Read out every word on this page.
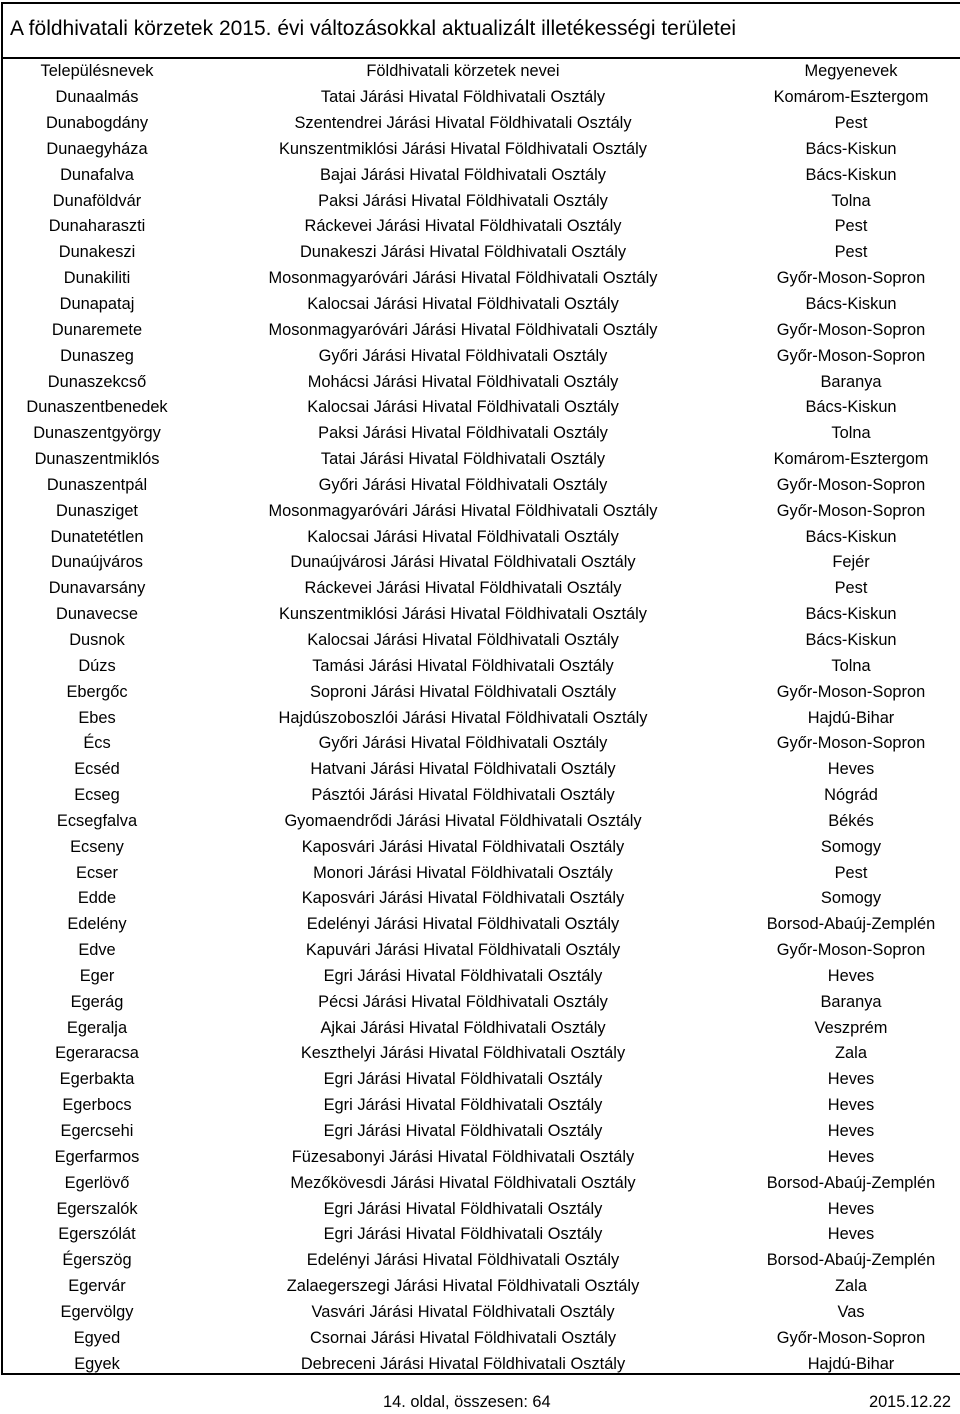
A földhivatali körzetek 2015. évi változásokkal aktualizált illetékességi területei
Településnevek	Földhivatali körzetek nevei	Megyenevek
Dunaalmás	Tatai Járási Hivatal Földhivatali Osztály	Komárom-Esztergom
Dunabogdány	Szentendrei Járási Hivatal Földhivatali Osztály	Pest
Dunaegyháza	Kunszentmiklósi Járási Hivatal Földhivatali Osztály	Bács-Kiskun
Dunafalva	Bajai Járási Hivatal Földhivatali Osztály	Bács-Kiskun
Dunaföldvár	Paksi Járási Hivatal Földhivatali Osztály	Tolna
Dunaharaszti	Ráckevei Járási Hivatal Földhivatali Osztály	Pest
Dunakeszi	Dunakeszi Járási Hivatal Földhivatali Osztály	Pest
Dunakiliti	Mosonmagyaróvári Járási Hivatal Földhivatali Osztály	Győr-Moson-Sopron
Dunapataj	Kalocsai Járási Hivatal Földhivatali Osztály	Bács-Kiskun
Dunaremete	Mosonmagyaróvári Járási Hivatal Földhivatali Osztály	Győr-Moson-Sopron
Dunaszeg	Győri Járási Hivatal Földhivatali Osztály	Győr-Moson-Sopron
Dunaszekcső	Mohácsi Járási Hivatal Földhivatali Osztály	Baranya
Dunaszentbenedek	Kalocsai Járási Hivatal Földhivatali Osztály	Bács-Kiskun
Dunaszentgyörgy	Paksi Járási Hivatal Földhivatali Osztály	Tolna
Dunaszentmiklós	Tatai Járási Hivatal Földhivatali Osztály	Komárom-Esztergom
Dunaszentpál	Győri Járási Hivatal Földhivatali Osztály	Győr-Moson-Sopron
Dunasziget	Mosonmagyaróvári Járási Hivatal Földhivatali Osztály	Győr-Moson-Sopron
Dunatetétlen	Kalocsai Járási Hivatal Földhivatali Osztály	Bács-Kiskun
Dunaújváros	Dunaújvárosi Járási Hivatal Földhivatali Osztály	Fejér
Dunavarsány	Ráckevei Járási Hivatal Földhivatali Osztály	Pest
Dunavecse	Kunszentmiklósi Járási Hivatal Földhivatali Osztály	Bács-Kiskun
Dusnok	Kalocsai Járási Hivatal Földhivatali Osztály	Bács-Kiskun
Dúzs	Tamási Járási Hivatal Földhivatali Osztály	Tolna
Ebergőc	Soproni Járási Hivatal Földhivatali Osztály	Győr-Moson-Sopron
Ebes	Hajdúszoboszlói Járási Hivatal Földhivatali Osztály	Hajdú-Bihar
Écs	Győri Járási Hivatal Földhivatali Osztály	Győr-Moson-Sopron
Ecséd	Hatvani Járási Hivatal Földhivatali Osztály	Heves
Ecseg	Pásztói Járási Hivatal Földhivatali Osztály	Nógrád
Ecsegfalva	Gyomaendrődi Járási Hivatal Földhivatali Osztály	Békés
Ecseny	Kaposvári Járási Hivatal Földhivatali Osztály	Somogy
Ecser	Monori Járási Hivatal Földhivatali Osztály	Pest
Edde	Kaposvári Járási Hivatal Földhivatali Osztály	Somogy
Edelény	Edelényi Járási Hivatal Földhivatali Osztály	Borsod-Abaúj-Zemplén
Edve	Kapuvári Járási Hivatal Földhivatali Osztály	Győr-Moson-Sopron
Eger	Egri Járási Hivatal Földhivatali Osztály	Heves
Egerág	Pécsi Járási Hivatal Földhivatali Osztály	Baranya
Egeralja	Ajkai Járási Hivatal Földhivatali Osztály	Veszprém
Egeraracsa	Keszthelyi Járási Hivatal Földhivatali Osztály	Zala
Egerbakta	Egri Járási Hivatal Földhivatali Osztály	Heves
Egerbocs	Egri Járási Hivatal Földhivatali Osztály	Heves
Egercsehi	Egri Járási Hivatal Földhivatali Osztály	Heves
Egerfarmos	Füzesabonyi Járási Hivatal Földhivatali Osztály	Heves
Egerlövő	Mezőkövesdi Járási Hivatal Földhivatali Osztály	Borsod-Abaúj-Zemplén
Egerszalók	Egri Járási Hivatal Földhivatali Osztály	Heves
Egerszólát	Egri Járási Hivatal Földhivatali Osztály	Heves
Égerszög	Edelényi Járási Hivatal Földhivatali Osztály	Borsod-Abaúj-Zemplén
Egervár	Zalaegerszegi Járási Hivatal Földhivatali Osztály	Zala
Egervölgy	Vasvári Járási Hivatal Földhivatali Osztály	Vas
Egyed	Csornai Járási Hivatal Földhivatali Osztály	Győr-Moson-Sopron
Egyek	Debreceni Járási Hivatal Földhivatali Osztály	Hajdú-Bihar
14. oldal, összesen: 64	2015.12.22
